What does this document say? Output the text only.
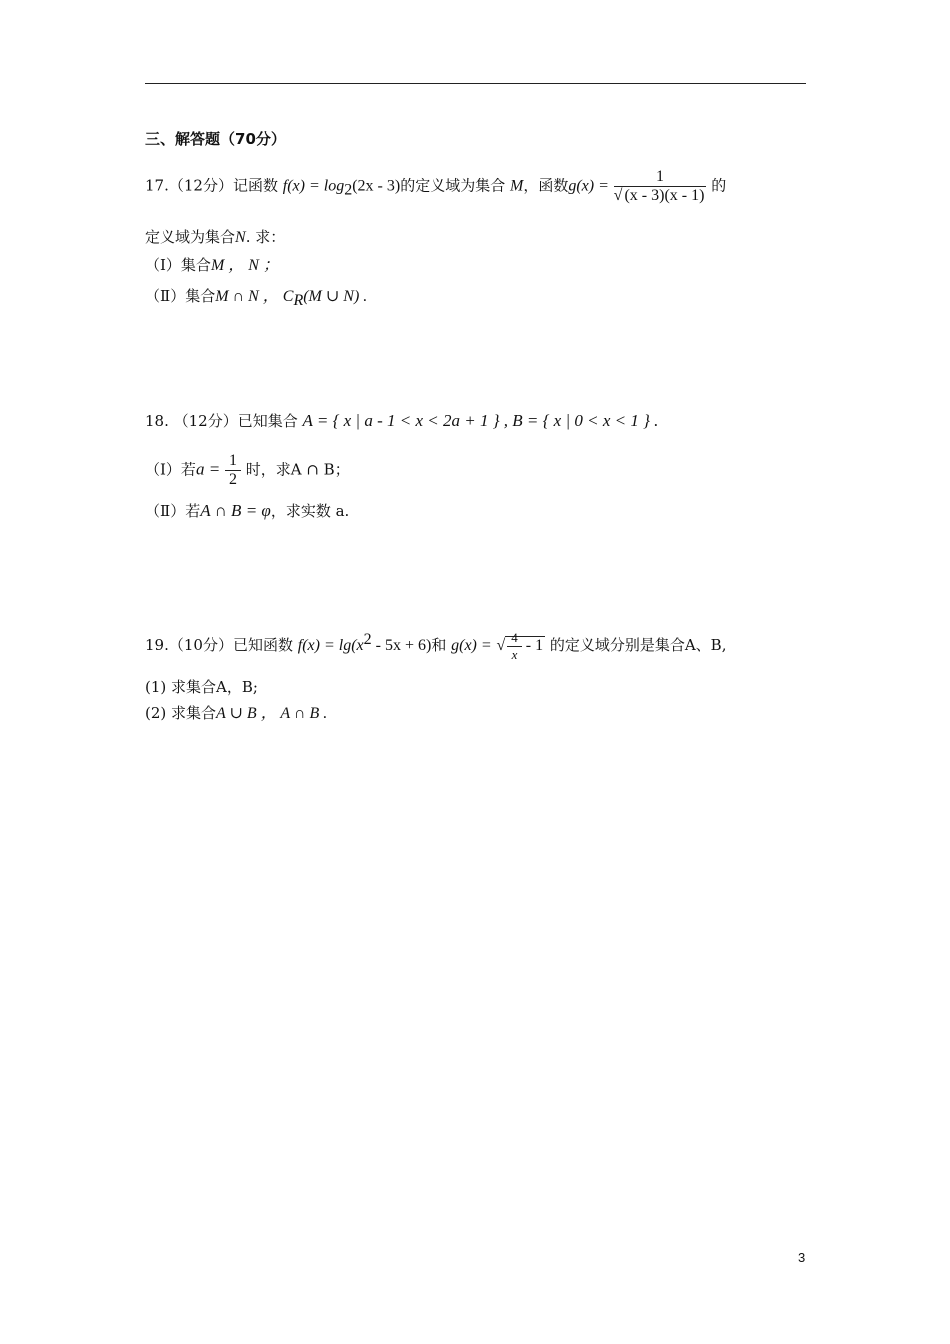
三、解答题（70分）
17.（12分）记函数 $f(x) = \log_2(2x - 3)$的定义域为集合 M，函数$g(x) = \frac{1}{√ (x - 3)(x - 1)}$ 的
定义域为集合N. 求：
（Ⅰ）集合M ， N ；
（Ⅱ）集合M ∩ N ， $C_R(M$ ∪ N) .
18. （12分）已知集合 A = { x | a - 1 < x < 2a + 1 } , B = { x | 0 < x < 1 } .
（Ⅰ）若$a = \frac{1}{2}$ 时，求A ∩ B；
（Ⅱ）若A ∩ B = φ，求实数 a.
19.（10分）已知函数 $f(x) = \lg(x^2 - 5x + 6)$和 g(x) = √ $\frac{4}{x} - 1$ 的定义域分别是集合A、B,
(1) 求集合A，B;
(2) 求集合A ∪ B ， A ∩ B .
3
